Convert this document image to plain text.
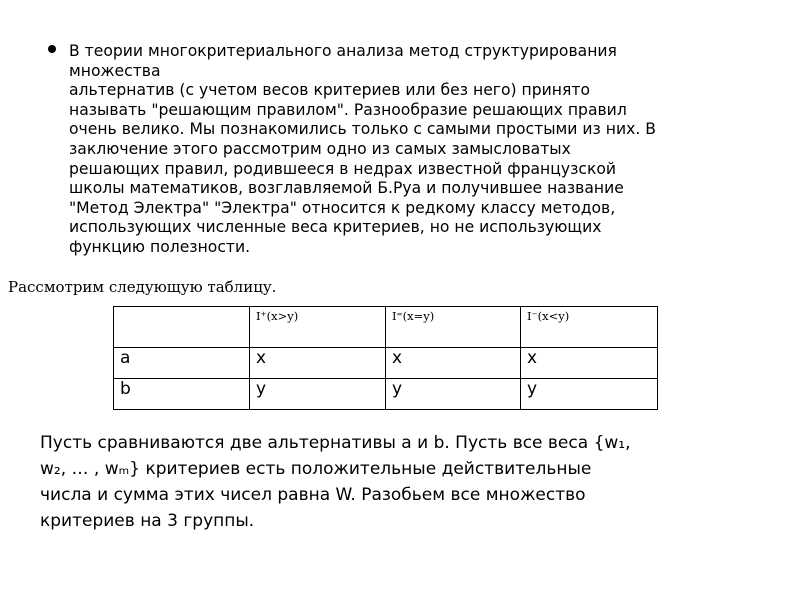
В теории многокритериального анализа метод структурирования
множества
альтернатив (с учетом весов критериев или без него) принято
называть "решающим правилом". Разнообразие решающих правил
очень велико. Мы познакомились только с самыми простыми из них. В
заключение этого рассмотрим одно из самых замысловатых
решающих правил, родившееся в недрах известной французской
школы математиков, возглавляемой Б.Руа и получившее название
"Метод Электра" "Электра" относится к редкому классу методов,
использующих численные веса критериев, но не использующих
функцию полезности.
Рассмотрим следующую таблицу.
	I⁺(x>y)	I⁼(x=y)	I⁻(x<y)
a	x	x	x
b	y	y	y
Пусть сравниваются две альтернативы a и b. Пусть все веса {w₁,
w₂, … , wₘ} критериев есть положительные действительные
числа и сумма этих чисел равна W. Разобьем все множество
критериев на 3 группы.
